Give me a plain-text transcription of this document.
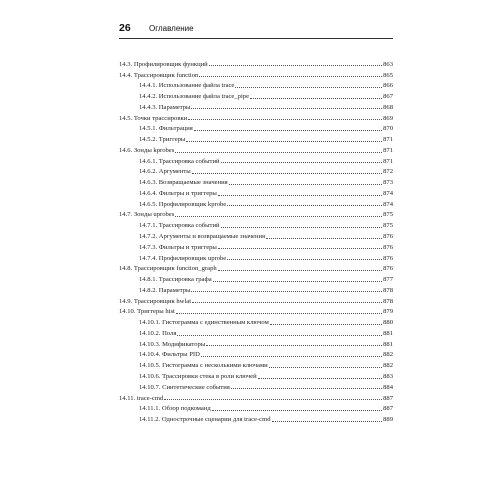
26	Оглавление
14.3. Профилировщик функций	863
14.4. Трассировщик function	865
14.4.1. Использование файла trace	866
14.4.2. Использование файла trace_pipe	867
14.4.3. Параметры	868
14.5. Точки трассировки	869
14.5.1. Фильтрация	870
14.5.2. Триггеры	871
14.6. Зонды kprobes	871
14.6.1. Трассировка событий	871
14.6.2. Аргументы	872
14.6.3. Возвращаемые значения	873
14.6.4. Фильтры и триггеры	874
14.6.5. Профилировщик kprobe	874
14.7. Зонды uprobes	875
14.7.1. Трассировка событий	875
14.7.2. Аргументы и возвращаемые значения	876
14.7.3. Фильтры и триггеры	876
14.7.4. Профилировщик uprobe	876
14.8. Трассировщик function_graph	876
14.8.1. Трассировка графа	877
14.8.2. Параметры	878
14.9. Трассировщик hwlat	878
14.10. Триггеры hist	879
14.10.1. Гистограмма с единственным ключом	880
14.10.2. Поля	881
14.10.3. Модификаторы	881
14.10.4. Фильтры PID	882
14.10.5. Гистограмма с несколькими ключами	882
14.10.6. Трассировки стека в роли ключей	883
14.10.7. Синтетические события	884
14.11. trace-cmd	887
14.11.1. Обзор подкоманд	887
14.11.2. Однострочные сценарии для trace-cmd	889
